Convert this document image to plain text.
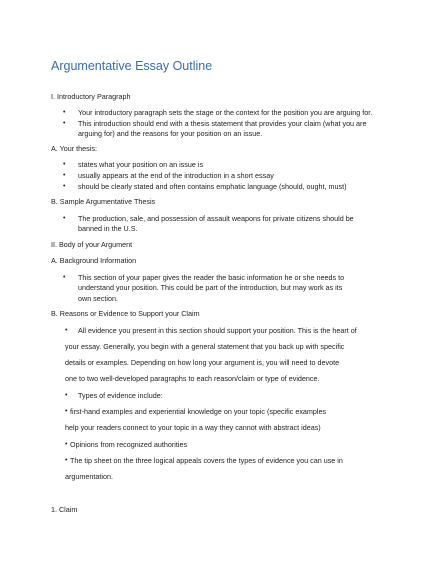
Argumentative Essay Outline
I. Introductory Paragraph
• Your introductory paragraph sets the stage or the context for the position you are arguing for.
• This introduction should end with a thesis statement that provides your claim (what you are
arguing for) and the reasons for your position on an issue.
A. Your thesis:
• states what your position on an issue is
• usually appears at the end of the introduction in a short essay
• should be clearly stated and often contains emphatic language (should, ought, must)
B. Sample Argumentative Thesis
• The production, sale, and possession of assault weapons for private citizens should be
banned in the U.S.
II. Body of your Argument
A. Background Information
• This section of your paper gives the reader the basic information he or she needs to
understand your position. This could be part of the introduction, but may work as its
own section.
B. Reasons or Evidence to Support your Claim
• All evidence you present in this section should support your position. This is the heart of
your essay. Generally, you begin with a general statement that you back up with specific
details or examples. Depending on how long your argument is, you will need to devote
one to two well-developed paragraphs to each reason/claim or type of evidence.
• Types of evidence include:
• first-hand examples and experiential knowledge on your topic (specific examples
help your readers connect to your topic in a way they cannot with abstract ideas)
• Opinions from recognized authorities
• The tip sheet on the three logical appeals covers the types of evidence you can use in
argumentation.
1. Claim
